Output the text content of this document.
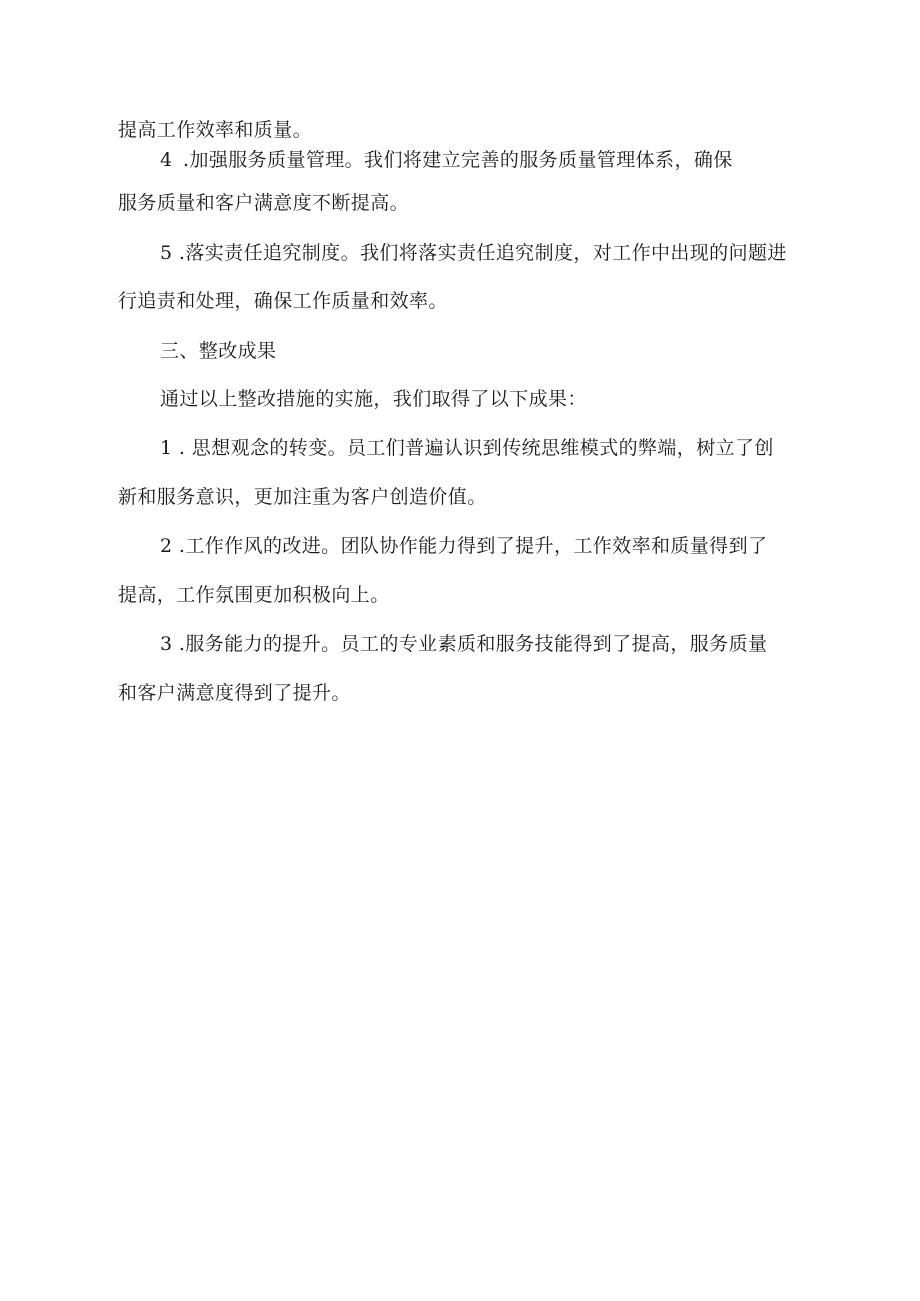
提高工作效率和质量。
4 .加强服务质量管理。我们将建立完善的服务质量管理体系，确保
服务质量和客户满意度不断提高。
5 .落实责任追究制度。我们将落实责任追究制度，对工作中出现的问题进
行追责和处理，确保工作质量和效率。
三、整改成果
通过以上整改措施的实施，我们取得了以下成果：
1 . 思想观念的转变。员工们普遍认识到传统思维模式的弊端，树立了创
新和服务意识，更加注重为客户创造价值。
2 .工作作风的改进。团队协作能力得到了提升，工作效率和质量得到了
提高，工作氛围更加积极向上。
3 .服务能力的提升。员工的专业素质和服务技能得到了提高，服务质量
和客户满意度得到了提升。
